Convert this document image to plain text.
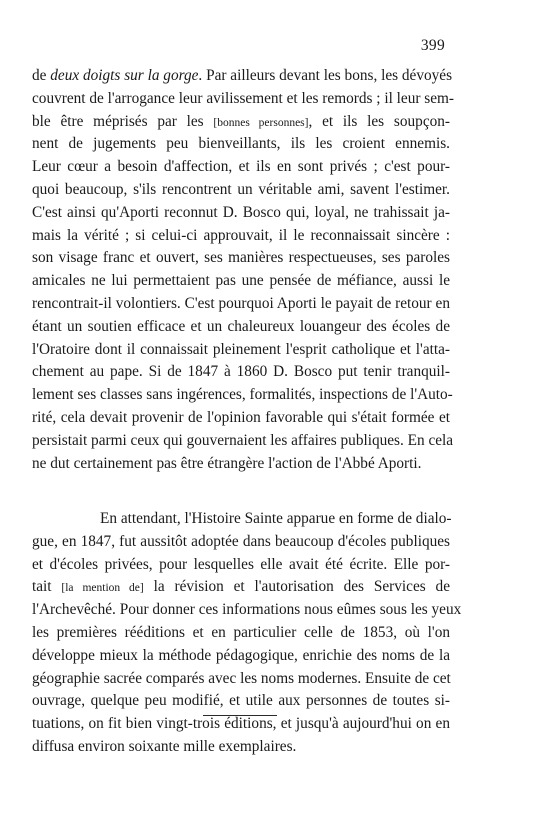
399
de deux doigts sur la gorge. Par ailleurs devant les bons, les dévoyés
couvrent de l'arrogance leur avilissement et les remords ; il leur sem-
ble être méprisés par les [bonnes personnes], et ils les soupçon-
nent de jugements peu bienveillants, ils les croient ennemis.
Leur cœur a besoin d'affection, et ils en sont privés ; c'est pour-
quoi beaucoup, s'ils rencontrent un véritable ami, savent l'estimer.
C'est ainsi qu'Aporti reconnut D. Bosco qui, loyal, ne trahissait ja-
mais la vérité ; si celui-ci approuvait, il le reconnaissait sincère :
son visage franc et ouvert, ses manières respectueuses, ses paroles
amicales ne lui permettaient pas une pensée de méfiance, aussi le
rencontrait-il volontiers. C'est pourquoi Aporti le payait de retour en
étant un soutien efficace et un chaleureux louangeur des écoles de
l'Oratoire dont il connaissait pleinement l'esprit catholique et l'atta-
chement au pape. Si de 1847 à 1860 D. Bosco put tenir tranquil-
lement ses classes sans ingérences, formalités, inspections de l'Auto-
rité, cela devait provenir de l'opinion favorable qui s'était formée et
persistait parmi ceux qui gouvernaient les affaires publiques. En cela
ne dut certainement pas être étrangère l'action de l'Abbé Aporti.
En attendant, l'Histoire Sainte apparue en forme de dialo-
gue, en 1847, fut aussitôt adoptée dans beaucoup d'écoles publiques
et d'écoles privées, pour lesquelles elle avait été écrite. Elle por-
tait [la mention de] la révision et l'autorisation des Services de
l'Archevêché. Pour donner ces informations nous eûmes sous les yeux
les premières rééditions et en particulier celle de 1853, où l'on
développe mieux la méthode pédagogique, enrichie des noms de la
géographie sacrée comparés avec les noms modernes. Ensuite de cet
ouvrage, quelque peu modifié, et utile aux personnes de toutes si-
tuations, on fit bien vingt-trois éditions, et jusqu'à aujourd'hui on en
diffusa environ soixante mille exemplaires.
